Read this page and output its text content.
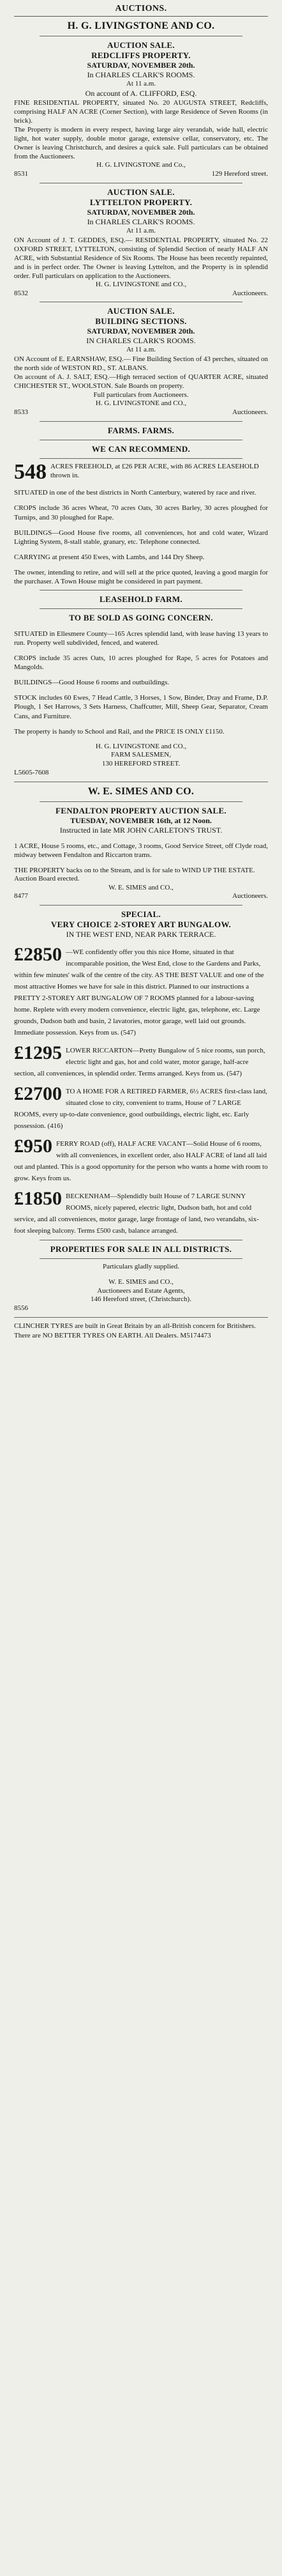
AUCTIONS.
H. G. LIVINGSTONE AND CO.
AUCTION SALE.
REDCLIFFS PROPERTY.
SATURDAY, NOVEMBER 20th.
In CHARLES CLARK'S ROOMS.
At 11 a.m.
On account of A. CLIFFORD, ESQ.
FINE RESIDENTIAL PROPERTY, situated No. 20 AUGUSTA STREET, Redcliffs, comprising HALF AN ACRE (Corner Section), with large Residence of Seven Rooms (in brick).
The Property is modern in every respect, having large airy verandah, wide hall, electric light, hot water supply, double motor garage, extensive cellar, conservatory, etc. The Owner is leaving Christchurch, and desires a quick sale. Full particulars can be obtained from the Auctioneers.
H. G. LIVINGSTONE and Co.,
8531	129 Hereford street.
AUCTION SALE.
LYTTELTON PROPERTY.
SATURDAY, NOVEMBER 20th.
In CHARLES CLARK'S ROOMS.
At 11 a.m.
ON Account of J. T. GEDDES, ESQ.— RESIDENTIAL PROPERTY, situated No. 22 OXFORD STREET, LYTTELTON, consisting of Splendid Section of nearly HALF AN ACRE, with Substantial Residence of Six Rooms. The House has been recently repainted, and is in perfect order. The Owner is leaving Lyttelton, and the Property is in splendid order. Full particulars on application to the Auctioneers.
H. G. LIVINGSTONE and CO.,
8532	Auctioneers.
AUCTION SALE.
BUILDING SECTIONS.
SATURDAY, NOVEMBER 20th.
IN CHARLES CLARK'S ROOMS.
At 11 a.m.
ON Account of E. EARNSHAW, ESQ.— Fine Building Section of 43 perches, situated on the north side of WESTON RD., ST. ALBANS.
On account of A. J. SALT, ESQ.—High terraced section of QUARTER ACRE, situated CHICHESTER ST., WOOLSTON. Sale Boards on property.
Full particulars from Auctioneers.
H. G. LIVINGSTONE and CO.,
8533	Auctioneers.
FARMS. FARMS.
WE CAN RECOMMEND.
548 ACRES FREEHOLD, at £26 PER ACRE, with 86 ACRES LEASEHOLD thrown in.
SITUATED in one of the best districts in North Canterbury, watered by race and river.
CROPS include 36 acres Wheat, 70 acres Oats, 30 acres Barley, 30 acres ploughed for Turnips, and 30 ploughed for Rape.
BUILDINGS—Good House five rooms, all conveniences, hot and cold water, Wizard Lighting System, 8-stall stable, granary, etc. Telephone connected.
CARRYING at present 450 Ewes, with Lambs, and 144 Dry Sheep.
The owner, intending to retire, and will sell at the price quoted, leaving a good margin for the purchaser. A Town House might be considered in part payment.
LEASEHOLD FARM.
TO BE SOLD AS GOING CONCERN.
SITUATED in Ellesmere County—165 Acres splendid land, with lease having 13 years to run. Property well subdivided, fenced, and watered.
CROPS include 35 acres Oats, 10 acres ploughed for Rape, 5 acres for Potatoes and Mangolds.
BUILDINGS—Good House 6 rooms and outbuildings.
STOCK includes 60 Ewes, 7 Head Cattle, 3 Horses, 1 Sow, Binder, Dray and Frame, D.P. Plough, 1 Set Harrows, 3 Sets Harness, Chaffcutter, Mill, Sheep Gear, Separator, Cream Cans, and Furniture.
The property is handy to School and Rail, and the PRICE IS ONLY £1150.
H. G. LIVINGSTONE and CO.,
FARM SALESMEN,
130 HEREFORD STREET.
L5605-7608
W. E. SIMES AND CO.
FENDALTON PROPERTY AUCTION SALE.
TUESDAY, NOVEMBER 16th, at 12 Noon.
Instructed in late MR JOHN CARLETON'S TRUST.
1 ACRE, House 5 rooms, etc., and Cottage, 3 rooms, Good Service Street, off Clyde road, midway between Fendalton and Riccarton trams.
THE PROPERTY backs on to the Stream, and is for sale to WIND UP THE ESTATE.
Auction Board erected.
W. E. SIMES and CO.,
8477	Auctioneers.
SPECIAL.
VERY CHOICE 2-STOREY ART BUNGALOW.
IN THE WEST END, NEAR PARK TERRACE.
£2850 —WE confidently offer you this nice Home, situated in that incomparable position, the West End, close to the Gardens and Parks, within few minutes' walk of the centre of the city. AS THE BEST VALUE and one of the most attractive Homes we have for sale in this district. Planned to our instructions a PRETTY 2-STOREY ART BUNGALOW OF 7 ROOMS planned for a labour-saving home. Replete with every modern convenience, electric light, gas, telephone, etc. Large grounds, Dudson bath and basin, 2 lavatories, motor garage, well laid out grounds. Immediate possession. Keys from us. (547)
£1295 LOWER RICCARTON—Pretty Bungalow of 5 nice rooms, sun porch, electric light and gas, hot and cold water, motor garage, half-acre section, all conveniences, in splendid order. Terms arranged. Keys from us. (547)
£2700 TO A HOME FOR A RETIRED FARMER, 6½ ACRES first-class land, situated close to city, convenient to trams, House of 7 LARGE ROOMS, every up-to-date convenience, good outbuildings, electric light, etc. Early possession. (416)
£950 FERRY ROAD (off), HALF ACRE VACANT—Solid House of 6 rooms, with all conveniences, in excellent order, also HALF ACRE of land all laid out and planted. This is a good opportunity for the person who wants a home with room to grow. Keys from us.
£1850 BECKENHAM—Splendidly built House of 7 LARGE SUNNY ROOMS, nicely papered, electric light, Dudson bath, hot and cold service, and all conveniences, motor garage, large frontage of land, two verandahs, six-foot sleeping balcony. Terms £500 cash, balance arranged.
PROPERTIES FOR SALE IN ALL DISTRICTS.
Particulars gladly supplied.
W. E. SIMES and CO.,
Auctioneers and Estate Agents,
146 Hereford street, (Christchurch).
8556
CLINCHER TYRES are built in Great Britain by an all-British concern for Britishers. There are NO BETTER TYRES ON EARTH. All Dealers. M5174473
